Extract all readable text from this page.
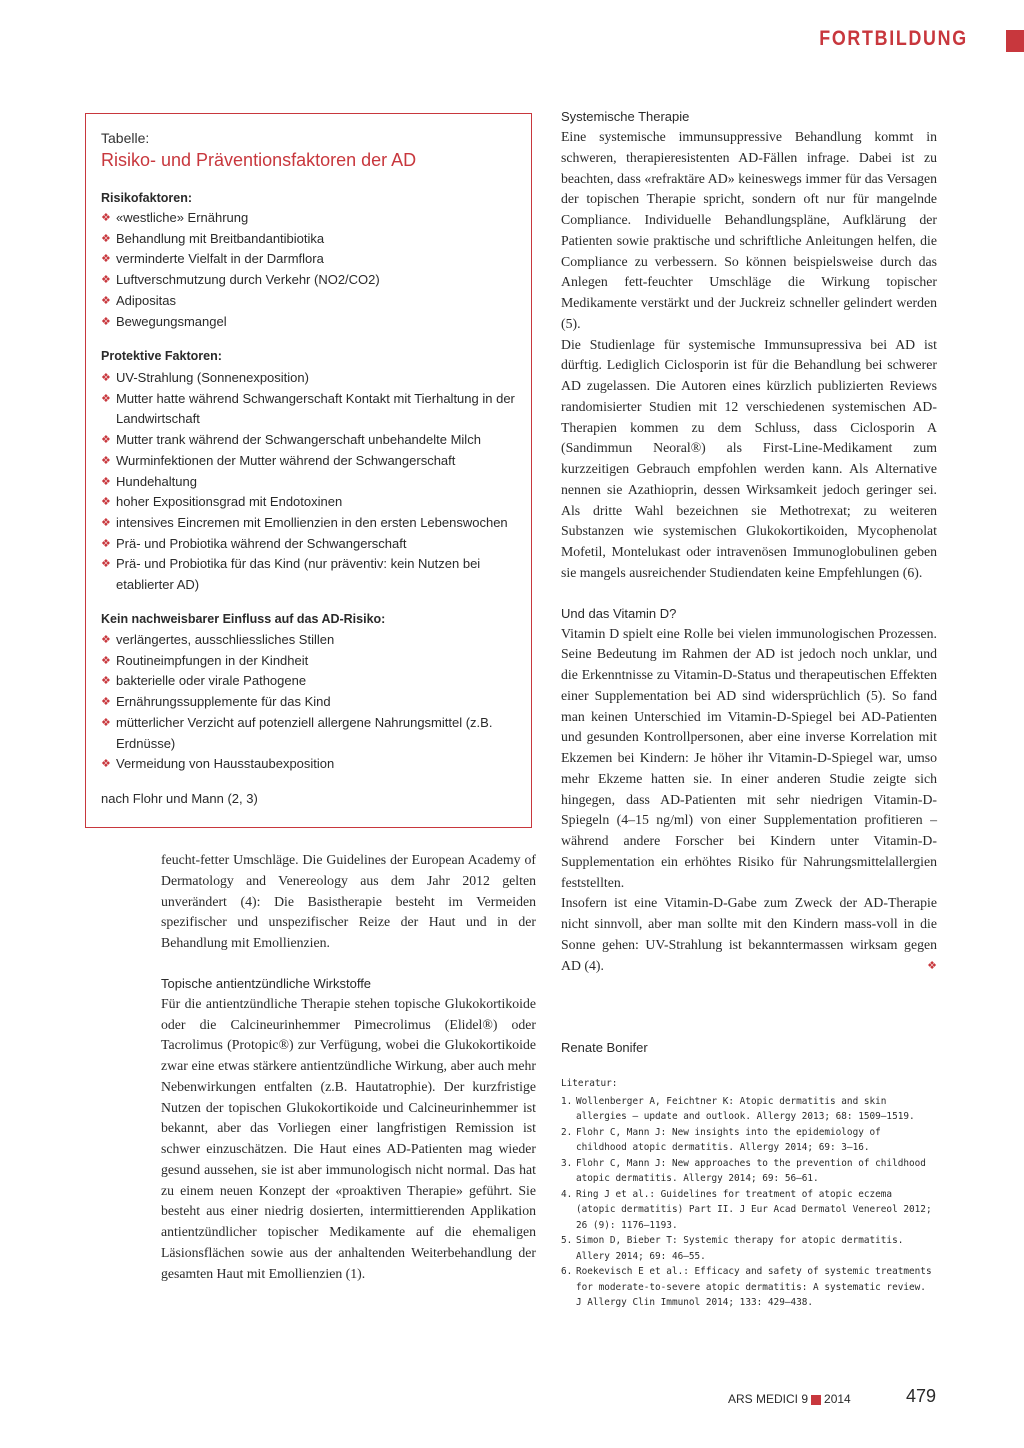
FORTBILDUNG
Tabelle:
Risiko- und Präventionsfaktoren der AD
Risikofaktoren:
❖ «westliche» Ernährung
❖ Behandlung mit Breitbandantibiotika
❖ verminderte Vielfalt in der Darmflora
❖ Luftverschmutzung durch Verkehr (NO2/CO2)
❖ Adipositas
❖ Bewegungsmangel
Protektive Faktoren:
❖ UV-Strahlung (Sonnenexposition)
❖ Mutter hatte während Schwangerschaft Kontakt mit Tierhaltung in der Landwirtschaft
❖ Mutter trank während der Schwangerschaft unbehandelte Milch
❖ Wurminfektionen der Mutter während der Schwangerschaft
❖ Hundehaltung
❖ hoher Expositionsgrad mit Endotoxinen
❖ intensives Eincremen mit Emollienzien in den ersten Lebenswochen
❖ Prä- und Probiotika während der Schwangerschaft
❖ Prä- und Probiotika für das Kind (nur präventiv: kein Nutzen bei etablierter AD)
Kein nachweisbarer Einfluss auf das AD-Risiko:
❖ verlängertes, ausschliessliches Stillen
❖ Routineimpfungen in der Kindheit
❖ bakterielle oder virale Pathogene
❖ Ernährungssupplemente für das Kind
❖ mütterlicher Verzicht auf potenziell allergene Nahrungsmittel (z.B. Erdnüsse)
❖ Vermeidung von Hausstaubexposition
nach Flohr und Mann (2, 3)

feucht-fetter Umschläge. Die Guidelines der European Academy of Dermatology and Venereology aus dem Jahr 2012 gelten unverändert (4): Die Basistherapie besteht im Vermeiden spezifischer und unspezifischer Reize der Haut und in der Behandlung mit Emollienzien.

Topische antientzündliche Wirkstoffe

Für die antientzündliche Therapie stehen topische Glukokortikoide oder die Calcineurinhemmer Pimecrolimus (Elidel®) oder Tacrolimus (Protopic®) zur Verfügung, wobei die Glukokortikoide zwar eine etwas stärkere antientzündliche Wirkung, aber auch mehr Nebenwirkungen entfalten (z.B. Hautatrophie). Der kurzfristige Nutzen der topischen Glukokortikoide und Calcineurinhemmer ist bekannt, aber das Vorliegen einer langfristigen Remission ist schwer einzuschätzen. Die Haut eines AD-Patienten mag wieder gesund aussehen, sie ist aber immunologisch nicht normal. Das hat zu einem neuen Konzept der «proaktiven Therapie» geführt. Sie besteht aus einer niedrig dosierten, intermittierenden Applikation antientzündlicher topischer Medikamente auf die ehemaligen Läsionsflächen sowie aus der anhaltenden Weiterbehandlung der gesamten Haut mit Emollienzien (1).

Systemische Therapie

Eine systemische immunsuppressive Behandlung kommt in schweren, therapieresistenten AD-Fällen infrage. Dabei ist zu beachten, dass «refraktäre AD» keineswegs immer für das Versagen der topischen Therapie spricht, sondern oft nur für mangelnde Compliance. Individuelle Behandlungspläne, Aufklärung der Patienten sowie praktische und schriftliche Anleitungen helfen, die Compliance zu verbessern. So können beispielsweise durch das Anlegen fett-feuchter Umschläge die Wirkung topischer Medikamente verstärkt und der Juckreiz schneller gelindert werden (5).

Die Studienlage für systemische Immunsupressiva bei AD ist dürftig. Lediglich Ciclosporin ist für die Behandlung bei schwerer AD zugelassen. Die Autoren eines kürzlich publizierten Reviews randomisierter Studien mit 12 verschiedenen systemischen AD-Therapien kommen zu dem Schluss, dass Ciclosporin A (Sandimmun Neoral®) als First-Line-Medikament zum kurzzeitigen Gebrauch empfohlen werden kann. Als Alternative nennen sie Azathioprin, dessen Wirksamkeit jedoch geringer sei. Als dritte Wahl bezeichnen sie Methotrexat; zu weiteren Substanzen wie systemischen Glukokortikoiden, Mycophenolat Mofetil, Montelukast oder intravenösen Immunoglobulinen geben sie mangels ausreichender Studiendaten keine Empfehlungen (6).

Und das Vitamin D?

Vitamin D spielt eine Rolle bei vielen immunologischen Prozessen. Seine Bedeutung im Rahmen der AD ist jedoch noch unklar, und die Erkenntnisse zu Vitamin-D-Status und therapeutischen Effekten einer Supplementation bei AD sind widersprüchlich (5). So fand man keinen Unterschied im Vitamin-D-Spiegel bei AD-Patienten und gesunden Kontrollpersonen, aber eine inverse Korrelation mit Ekzemen bei Kindern: Je höher ihr Vitamin-D-Spiegel war, umso mehr Ekzeme hatten sie. In einer anderen Studie zeigte sich hingegen, dass AD-Patienten mit sehr niedrigen Vitamin-D-Spiegeln (4–15 ng/ml) von einer Supplementation profitieren – während andere Forscher bei Kindern unter Vitamin-D-Supplementation ein erhöhtes Risiko für Nahrungsmittelallergien feststellten.

Insofern ist eine Vitamin-D-Gabe zum Zweck der AD-Therapie nicht sinnvoll, aber man sollte mit den Kindern mass-voll in die Sonne gehen: UV-Strahlung ist bekanntermassen wirksam gegen AD (4).	❖

Renate Bonifer
Literatur:
1. Wollenberger A, Feichtner K: Atopic dermatitis and skin allergies – update and outlook. Allergy 2013; 68: 1509–1519.
2. Flohr C, Mann J: New insights into the epidemiology of childhood atopic dermatitis. Allergy 2014; 69: 3–16.
3. Flohr C, Mann J: New approaches to the prevention of childhood atopic dermatitis. Allergy 2014; 69: 56–61.
4. Ring J et al.: Guidelines for treatment of atopic eczema (atopic dermatitis) Part II. J Eur Acad Dermatol Venereol 2012; 26 (9): 1176–1193.
5. Simon D, Bieber T: Systemic therapy for atopic dermatitis. Allery 2014; 69: 46–55.
6. Roekevisch E et al.: Efficacy and safety of systemic treatments for moderate-to-severe atopic dermatitis: A systematic review. J Allergy Clin Immunol 2014; 133: 429–438.
ARS MEDICI 9 2014	479
